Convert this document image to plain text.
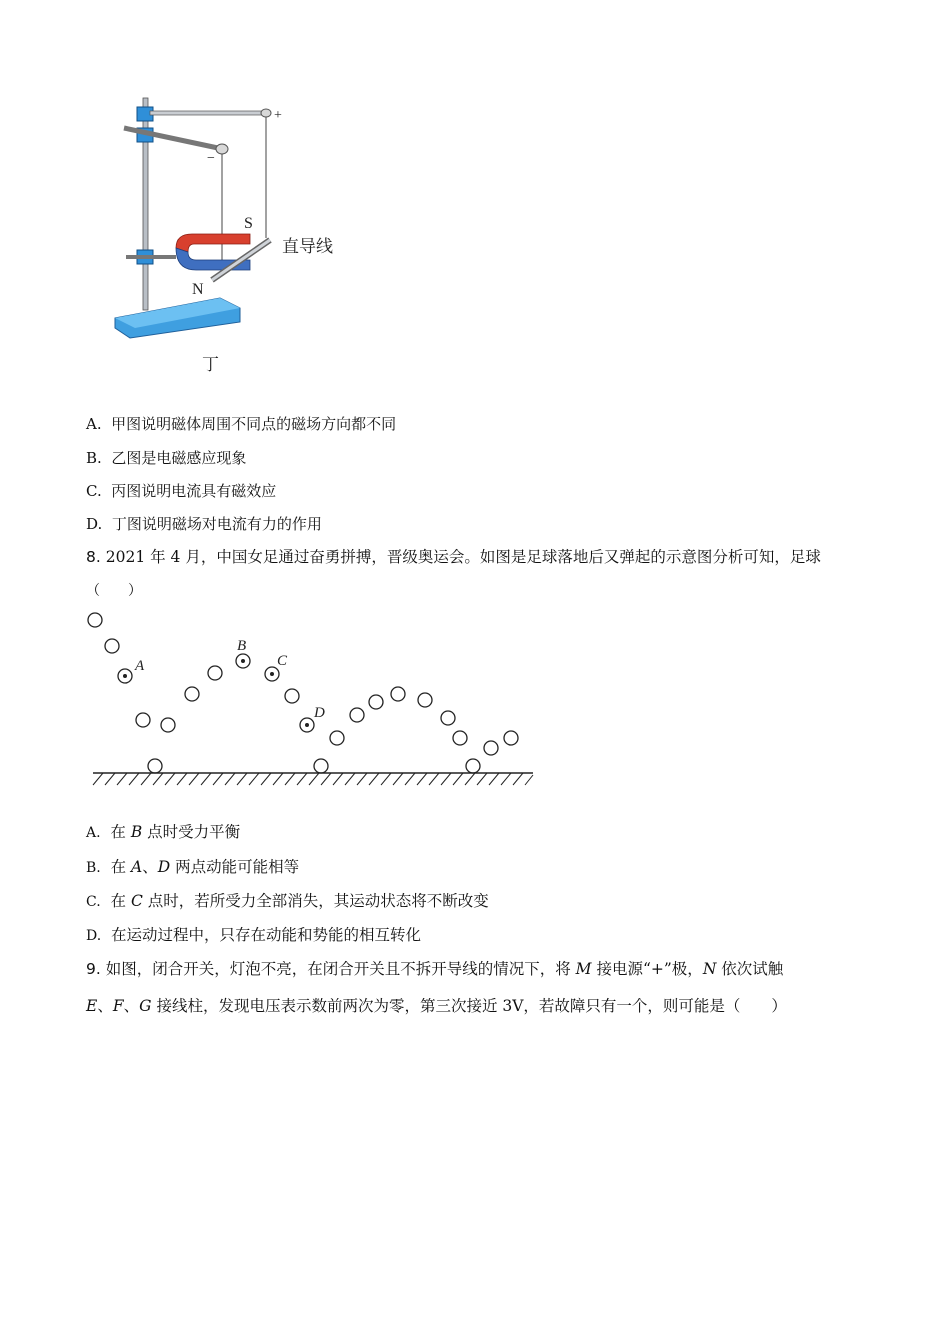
+
−
S
N
直导线
丁
A. 甲图说明磁体周围不同点的磁场方向都不同
B. 乙图是电磁感应现象
C. 丙图说明电流具有磁效应
D. 丁图说明磁场对电流有力的作用
8. 2021 年 4 月，中国女足通过奋勇拼搏，晋级奥运会。如图是足球落地后又弹起的示意图分析可知，足球
（　　）
A
B
C
D
A. 在 B 点时受力平衡
B. 在 A、D 两点动能可能相等
C. 在 C 点时，若所受力全部消失，其运动状态将不断改变
D. 在运动过程中，只存在动能和势能的相互转化
9. 如图，闭合开关，灯泡不亮，在闭合开关且不拆开导线的情况下，将 M 接电源“+”极，N 依次试触
E、F、G 接线柱，发现电压表示数前两次为零，第三次接近 3V，若故障只有一个，则可能是（　　）
